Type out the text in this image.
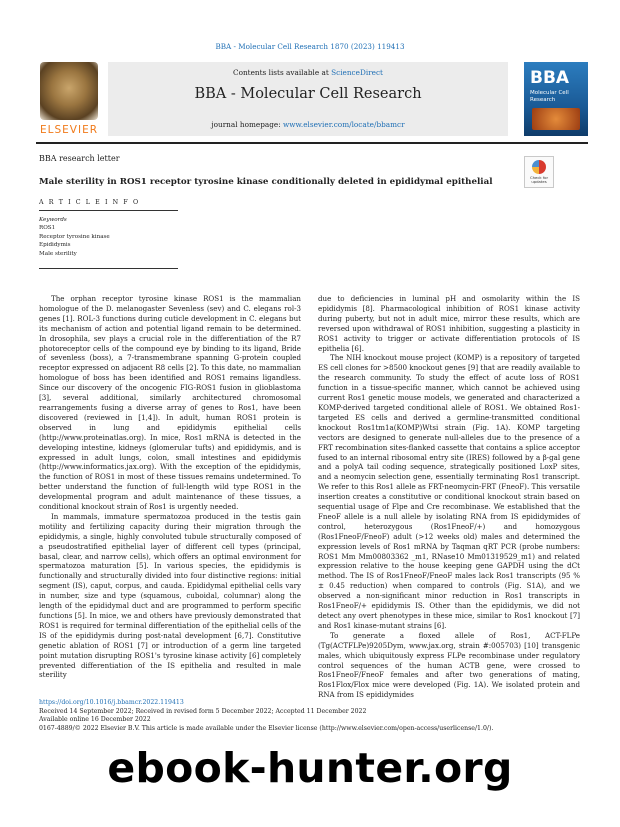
BBA - Molecular Cell Research 1870 (2023) 119413
ELSEVIER
Contents lists available at ScienceDirect
BBA - Molecular Cell Research
journal homepage: www.elsevier.com/locate/bbamcr
BBA
Molecular Cell Research
BBA research letter
Male sterility in ROS1 receptor tyrosine kinase conditionally deleted in epididymal epithelial	Check for updates
A R T I C L E I N F O
Keywords
ROS1
Receptor tyrosine kinase
Epididymis
Male sterility

The orphan receptor tyrosine kinase ROS1 is the mammalian homologue of the D. melanogaster Sevenless (sev) and C. elegans rol-3 genes [1]. ROL-3 functions during cuticle development in C. elegans but its mechanism of action and potential ligand remain to be determined. In drosophila, sev plays a crucial role in the differentiation of the R7 photoreceptor cells of the compound eye by binding to its ligand, Bride of sevenless (boss), a 7-transmembrane spanning G-protein coupled receptor expressed on adjacent R8 cells [2]. To this date, no mammalian homologue of boss has been identified and ROS1 remains ligandless. Since our discovery of the oncogenic FIG-ROS1 fusion in glioblastoma [3], several additional, similarly architectured chromosomal rearrangements fusing a diverse array of genes to Ros1, have been discovered (reviewed in [1,4]). In adult, human ROS1 protein is observed in lung and epididymis epithelial cells (http://www.proteinatlas.org). In mice, Ros1 mRNA is detected in the developing intestine, kidneys (glomerular tufts) and epididymis, and is expressed in adult lungs, colon, small intestines and epididymis (http://www.informatics.jax.org). With the exception of the epididymis, the function of ROS1 in most of these tissues remains undetermined. To better understand the function of full-length wild type ROS1 in the developmental program and adult maintenance of these tissues, a conditional knockout strain of Ros1 is urgently needed.

In mammals, immature spermatozoa produced in the testis gain motility and fertilizing capacity during their migration through the epididymis, a single, highly convoluted tubule structurally composed of a pseudostratified epithelial layer of different cell types (principal, basal, clear, and narrow cells), which offers an optimal environment for spermatozoa maturation [5]. In various species, the epididymis is functionally and structurally divided into four distinctive regions: initial segment (IS), caput, corpus, and cauda. Epididymal epithelial cells vary in number, size and type (squamous, cuboidal, columnar) along the length of the epididymal duct and are programmed to perform specific functions [5]. In mice, we and others have previously demonstrated that ROS1 is required for terminal differentiation of the epithelial cells of the IS of the epididymis during post-natal development [6,7]. Constitutive genetic ablation of ROS1 [7] or introduction of a germ line targeted point mutation disrupting ROS1's tyrosine kinase activity [6] completely prevented differentiation of the IS epithelia and resulted in male sterility

due to deficiencies in luminal pH and osmolarity within the IS epididymis [8]. Pharmacological inhibition of ROS1 kinase activity during puberty, but not in adult mice, mirror these results, which are reversed upon withdrawal of ROS1 inhibition, suggesting a plasticity in ROS1 activity to trigger or activate differentiation protocols of IS epithelia [6].

The NIH knockout mouse project (KOMP) is a repository of targeted ES cell clones for >8500 knockout genes [9] that are readily available to the research community. To study the effect of acute loss of ROS1 function in a tissue-specific manner, which cannot be achieved using current Ros1 genetic mouse models, we generated and characterized a KOMP-derived targeted conditional allele of ROS1. We obtained Ros1-targeted ES cells and derived a germline-transmitted conditional knockout Ros1tm1a(KOMP)Wtsi strain (Fig. 1A). KOMP targeting vectors are designed to generate null-alleles due to the presence of a FRT recombination sites-flanked cassette that contains a splice acceptor fused to an internal ribosomal entry site (IRES) followed by a β-gal gene and a polyA tail coding sequence, strategically positioned LoxP sites, and a neomycin selection gene, essentially terminating Ros1 transcript. We refer to this Ros1 allele as FRT-neomycin-FRT (FneoF). This versatile insertion creates a constitutive or conditional knockout strain based on sequential usage of Flpe and Cre recombinase. We established that the FneoF allele is a null allele by isolating RNA from IS epididymides of control, heterozygous (Ros1FneoF/+) and homozygous (Ros1FneoF/FneoF) adult (>12 weeks old) males and determined the expression levels of Ros1 mRNA by Taqman qRT PCR (probe numbers: ROS1 Mm Mm00803362 _m1, RNase10 Mm01319529_m1) and related expression relative to the house keeping gene GAPDH using the dCt method. The IS of Ros1FneoF/FneoF males lack Ros1 transcripts (95 % ± 0.45 reduction) when compared to controls (Fig. S1A), and we observed a non-significant minor reduction in Ros1 transcripts in Ros1FneoF/+ epididymis IS. Other than the epididymis, we did not detect any overt phenotypes in these mice, similar to Ros1 knockout [7] and Ros1 kinase-mutant strains [6].

To generate a floxed allele of Ros1, ACT-FLPe (Tg(ACTFLPe)9205Dym, www.jax.org, strain #:005703) [10] transgenic males, which ubiquitously express FLPe recombinase under regulatory control sequences of the human ACTB gene, were crossed to Ros1FneoF/FneoF females and after two generations of mating, Ros1Flox/Flox mice were developed (Fig. 1A). We isolated protein and RNA from IS epididymides

https://doi.org/10.1016/j.bbamcr.2022.119413
Received 14 September 2022; Received in revised form 5 December 2022; Accepted 11 December 2022
Available online 16 December 2022
0167-4889/© 2022 Elsevier B.V. This article is made available under the Elsevier license (http://www.elsevier.com/open-access/userlicense/1.0/).
ebook-hunter.org
